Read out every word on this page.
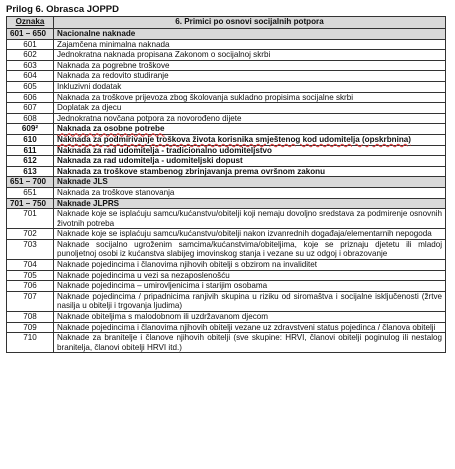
Prilog 6. Obrasca JOPPD
Oznaka	6. Primici po osnovi socijalnih potpora
601 – 650	Nacionalne naknade
601	Zajamčena minimalna naknada
602	Jednokratna naknada propisana Zakonom o socijalnoj skrbi
603	Naknada za pogrebne troškove
604	Naknada za redovito studiranje
605	Inkluzivni dodatak
606	Naknada za troškove prijevoza zbog školovanja sukladno propisima socijalne skrbi
607	Doplatak za djecu
608	Jednokratna novčana potpora za novorođeno dijete
609²	Naknada za osobne potrebe
610	Naknada za podmirivanje troškova života korisnika smještenog kod udomitelja (opskrbnina)
611	Naknada za rad udomitelja - tradicionalno udomiteljstvo
612	Naknada za rad udomitelja - udomiteljski dopust
613	Naknada za troškove stambenog zbrinjavanja prema ovršnom zakonu
651 – 700	Naknade JLS
651	Naknada za troškove stanovanja
701 – 750	Naknade JLPRS
701	Naknade koje se isplaćuju samcu/kućanstvu/obitelji koji nemaju dovoljno sredstava za podmirenje osnovnih životnih potreba
702	Naknade koje se isplaćuju samcu/kućanstvu/obitelji nakon izvanrednih događaja/elementarnih nepogoda
703	Naknade socijalno ugroženim samcima/kućanstvima/obiteljima, koje se priznaju djetetu ili mladoj punoljetnoj osobi iz kućanstva slabijeg imovinskog stanja i vezane su uz odgoj i obrazovanje
704	Naknade pojedincima i članovima njihovih obitelji s obzirom na invaliditet
705	Naknade pojedincima u vezi sa nezaposlenošću
706	Naknade pojedincima – umirovljenicima i starijim osobama
707	Naknade pojedincima / pripadnicima ranjivih skupina u riziku od siromaštva i socijalne isključenosti (žrtve nasilja u obitelji i trgovanja ljudima)
708	Naknade obiteljima s malodobnom ili uzdržavanom djecom
709	Naknade pojedincima i članovima njihovih obitelji vezane uz zdravstveni status pojedinca / članova obitelji
710	Naknade za branitelje i članove njihovih obitelji (sve skupine: HRVI, članovi obitelji poginulog ili nestalog branitelja, članovi obitelji HRVI itd.)
